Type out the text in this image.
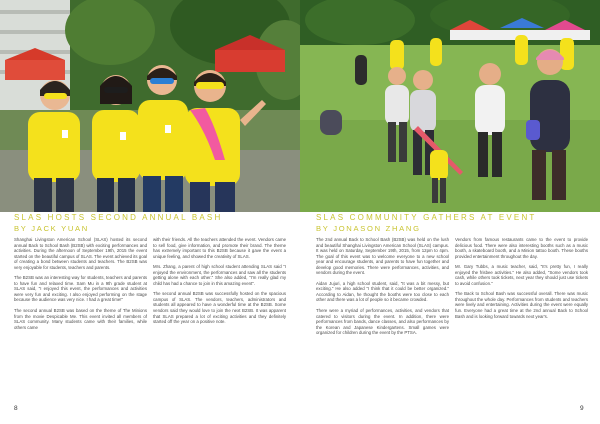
SLAS HOSTS SECOND ANNUAL BASH
BY JACK YUAN

Shanghai Livingston American School (SLAS) hosted its second annual Back to School Bash (B2SB) with exciting performances and activities. During the afternoon of September 19th, 2015 the event started on the beautiful campus of SLAS. The event achieved its goal of creating a bond between students and teachers. The B2SB was very enjoyable for students, teachers and parents.

The B2SB was an interesting way for students, teachers and parents to have fun and relaxed time. Sam Mu in a 9th grade student at SLAS said, "I enjoyed this event, the performances and activities were very fun and exciting. I also enjoyed performing on the stage because the audience was very nice. I had a great time!"

The second annual B2SB was based on the theme of The Minions from the movie Despicable Me. This event invited all members of SLAS community. Many students came with their families, while others came

with their friends. All the teachers attended the event. Vendors came to sell food, give information, and promote their brand. The theme has extremely important to this B2SB because it gave the event a unique feeling, and showed the creativity of SLAS.

Mrs. Zhang, a parent of high school student attending SLAS said "I enjoyed the environment, the performances and saw all the students getting alone with each other." She also added, "I'm really glad my child has had a chance to join in this amazing event".

The second annual B2SB was successfully hosted on the spacious campus of SLAS. The vendors, teachers, administrators and students all appeared to have a wonderful time at the B2SB. Some vendors said they would love to join the next B2SB. It was apparent that SLAS prepared a lot of exciting activities and they definitely started off the year on a positive note.

8
SLAS COMMUNITY GATHERS AT EVENT
BY JONASON ZHANG

The 2nd annual Back to School Bash (B2SB) was held on the lush and beautiful Shanghai Livingston American School (SLAS) campus. It was held on Saturday, September 19th, 2015, from 12pm to 4pm. The goal of this event was to welcome everyone to a new school year and encourage students, and parents to have fun together and develop good memories. There were performances, activities, and vendors during the event.

Aidan Jujuri, a high school student, said, "It was a bit messy, but exciting." He also added "I think that it could be better organized." According to Aidan, he thought the booths were too close to each other and there was a lot of people so it became crowded.

There were a myriad of performances, activities, and vendors that catered to visitors during the event. In addition, there were performances from bands, dance classes, and also performances by the Korean and Japanese Kindergartens. Small games were organized for children during the event by the PTSA.

Vendors from famous restaurants came to the event to provide delicious food. There were also interesting booths such as a music booth, a skateboard booth, and a Minion tattoo booth. These booths provided entertainment throughout the day.

Mr. Gary Tubbs, a music teacher, said, "It's pretty fun, I really enjoyed the frisbee activities." He also added, "Some vendors took cash, while others took tickets, next year they should just use tickets to avoid confusion."

The Back to School Bash was successful overall. There was music throughout the whole day. Performances from students and teachers were lively and entertaining. Activities during the event were equally fun. Everyone had a great time at the 2nd annual Back to School Bash and is looking forward towards next year's.

9
